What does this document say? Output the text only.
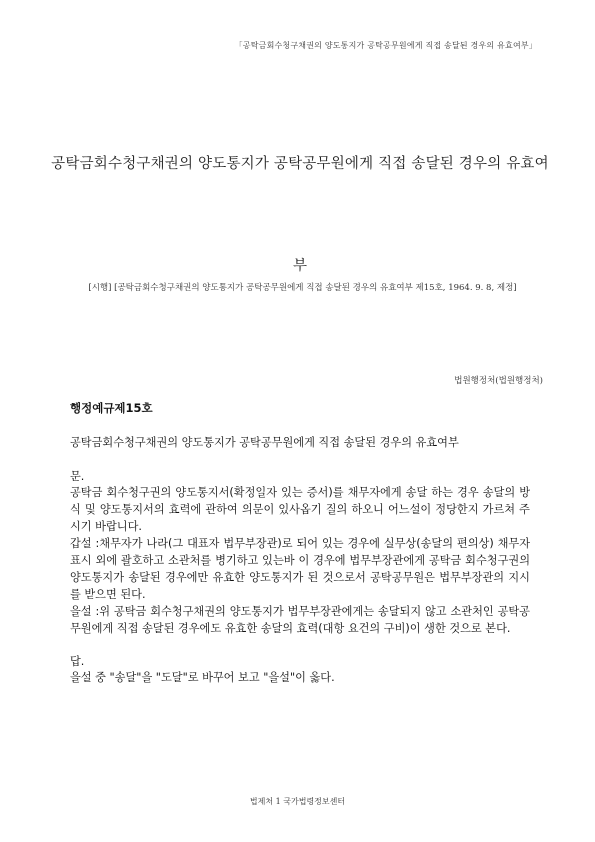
「공탁금회수청구채권의 양도통지가 공탁공무원에게 직접 송달된 경우의 유효여부」
공탁금회수청구채권의 양도통지가 공탁공무원에게 직접 송달된 경우의 유효여
부
[시행] [공탁금회수청구채권의 양도통지가 공탁공무원에게 직접 송달된 경우의 유효여부 제15호, 1964. 9. 8, 제정]
법원행정처(법원행정처)

행정예규제15호

공탁금회수청구채권의 양도통지가 공탁공무원에게 직접 송달된 경우의 유효여부

문.

공탁금 회수청구권의 양도통지서(확정일자 있는 증서)를 채무자에게 송달 하는 경우 송달의 방식 및 양도통지서의 효력에 관하여 의문이 있사옵기 질의 하오니 어느설이 정당한지 가르쳐 주시기 바랍니다.

갑설 :채무자가 나라(그 대표자 법무부장관)로 되어 있는 경우에 실무상(송달의 편의상) 채무자표시 외에 괄호하고 소관처를 병기하고 있는바 이 경우에 법무부장관에게 공탁금 회수청구권의 양도통지가 송달된 경우에만 유효한 양도통지가 된 것으로서 공탁공무원은 법무부장관의 지시를 받으면 된다.

을설 :위 공탁금 회수청구채권의 양도통지가 법무부장관에게는 송달되지 않고 소관처인 공탁공무원에게 직접 송달된 경우에도 유효한 송달의 효력(대항 요건의 구비)이 생한 것으로 본다.

답.

을설 중 "송달"을 "도달"로 바꾸어 보고 "을설"이 옳다.

법제처 1 국가법령정보센터
